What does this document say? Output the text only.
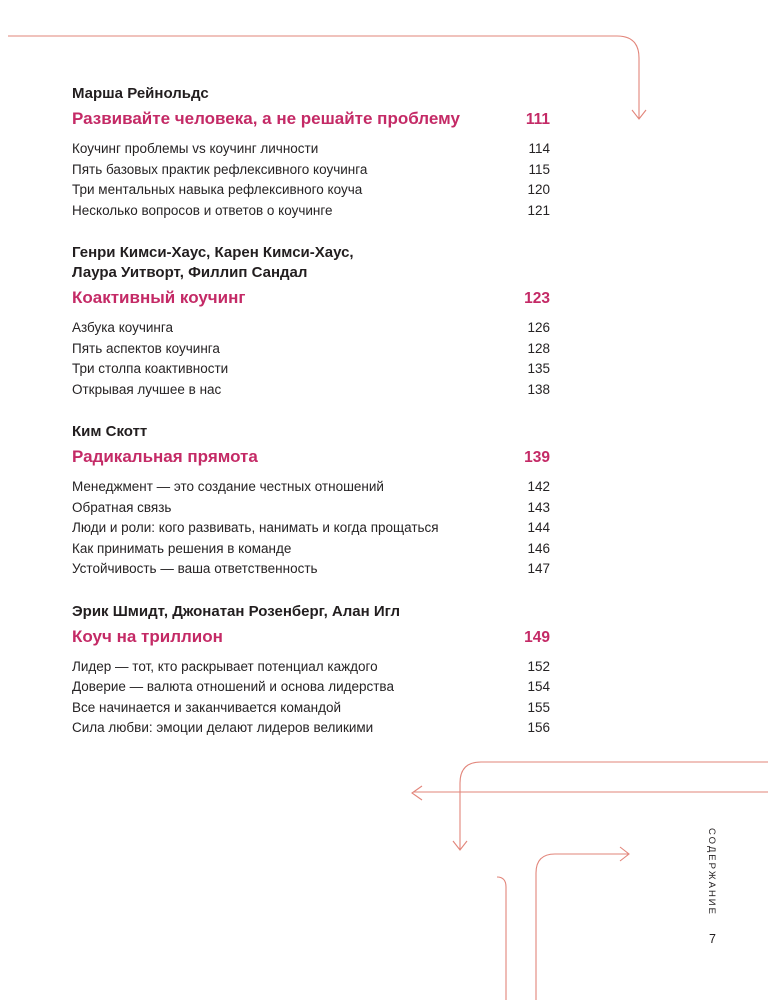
Марша Рейнольдс
Развивайте человека, а не решайте проблему	111
Коучинг проблемы vs коучинг личности	114
Пять базовых практик рефлексивного коучинга	115
Три ментальных навыка рефлексивного коуча	120
Несколько вопросов и ответов о коучинге	121
Генри Кимси-Хаус, Карен Кимси-Хаус,
Лаура Уитворт, Филлип Сандал
Коактивный коучинг	123
Азбука коучинга	126
Пять аспектов коучинга	128
Три столпа коактивности	135
Открывая лучшее в нас	138
Ким Скотт
Радикальная прямота	139
Менеджмент — это создание честных отношений	142
Обратная связь	143
Люди и роли: кого развивать, нанимать и когда прощаться	144
Как принимать решения в команде	146
Устойчивость — ваша ответственность	147
Эрик Шмидт, Джонатан Розенберг, Алан Игл
Коуч на триллион	149
Лидер — тот, кто раскрывает потенциал каждого	152
Доверие — валюта отношений и основа лидерства	154
Все начинается и заканчивается командой	155
Сила любви: эмоции делают лидеров великими	156
СОДЕРЖАНИЕ
7
